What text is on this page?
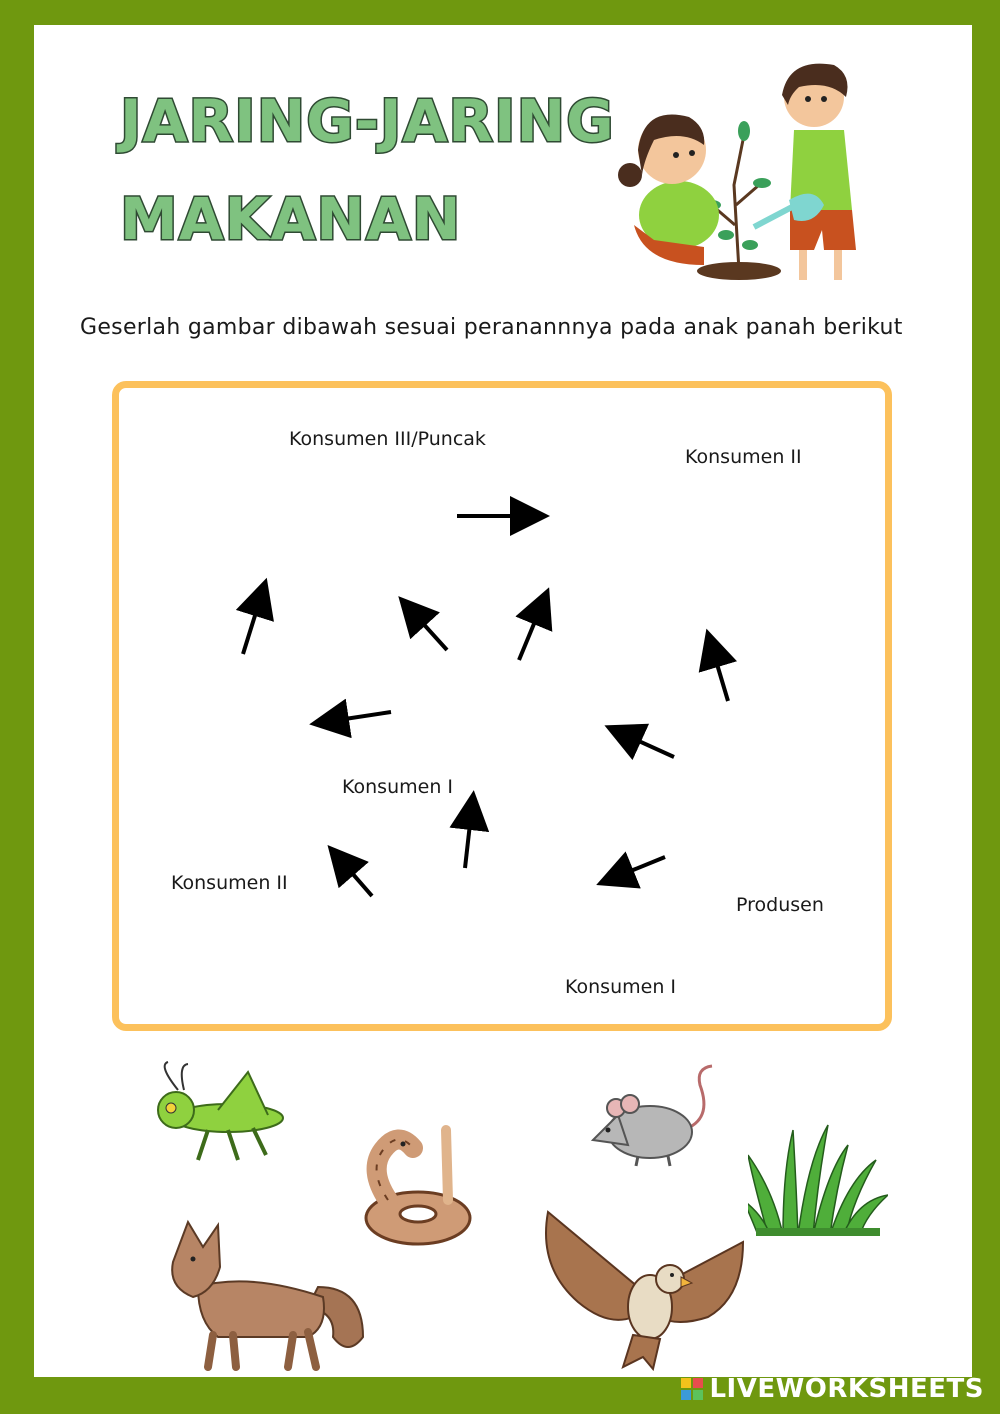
JARING-JARING
MAKANAN
Geserlah gambar dibawah sesuai peranannnya pada anak panah berikut
Konsumen III/Puncak
Konsumen II
Konsumen I
Konsumen II
Produsen
Konsumen I
LIVEWORKSHEETS
